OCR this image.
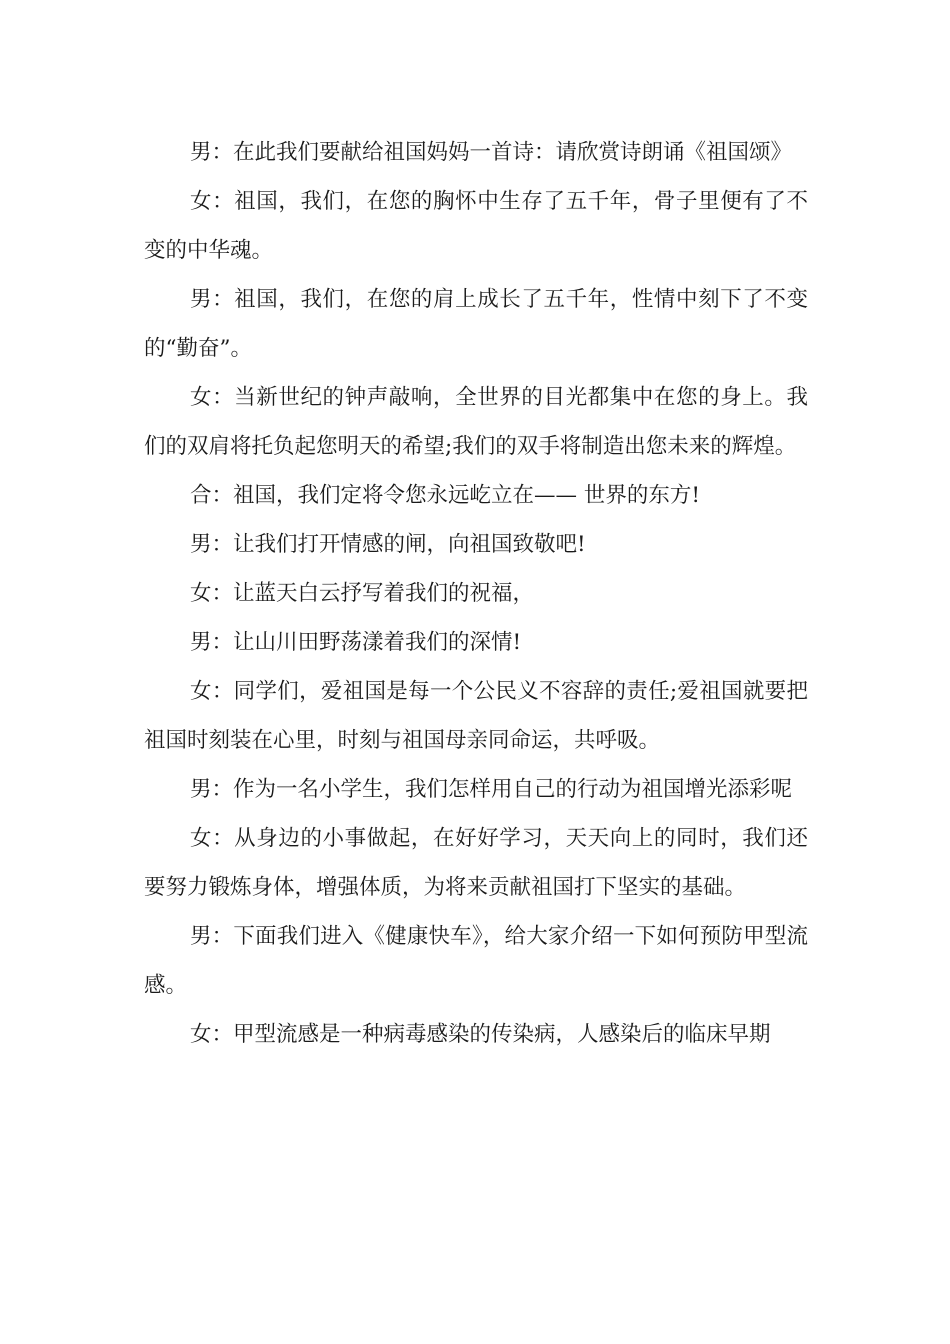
男：在此我们要献给祖国妈妈一首诗：请欣赏诗朗诵《祖国颂》

女：祖国，我们，在您的胸怀中生存了五千年，骨子里便有了不变的中华魂。

男：祖国，我们，在您的肩上成长了五千年，性情中刻下了不变的“勤奋”。

女：当新世纪的钟声敲响，全世界的目光都集中在您的身上。我们的双肩将托负起您明天的希望;我们的双手将制造出您未来的辉煌。

合：祖国，我们定将令您永远屹立在—— 世界的东方!

男：让我们打开情感的闸，向祖国致敬吧!

女：让蓝天白云抒写着我们的祝福，

男：让山川田野荡漾着我们的深情!

女：同学们，爱祖国是每一个公民义不容辞的责任;爱祖国就要把祖国时刻装在心里，时刻与祖国母亲同命运，共呼吸。

男：作为一名小学生，我们怎样用自己的行动为祖国增光添彩呢

女：从身边的小事做起，在好好学习，天天向上的同时，我们还要努力锻炼身体，增强体质，为将来贡献祖国打下坚实的基础。

男：下面我们进入《健康快车》，给大家介绍一下如何预防甲型流感。

女：甲型流感是一种病毒感染的传染病，人感染后的临床早期
